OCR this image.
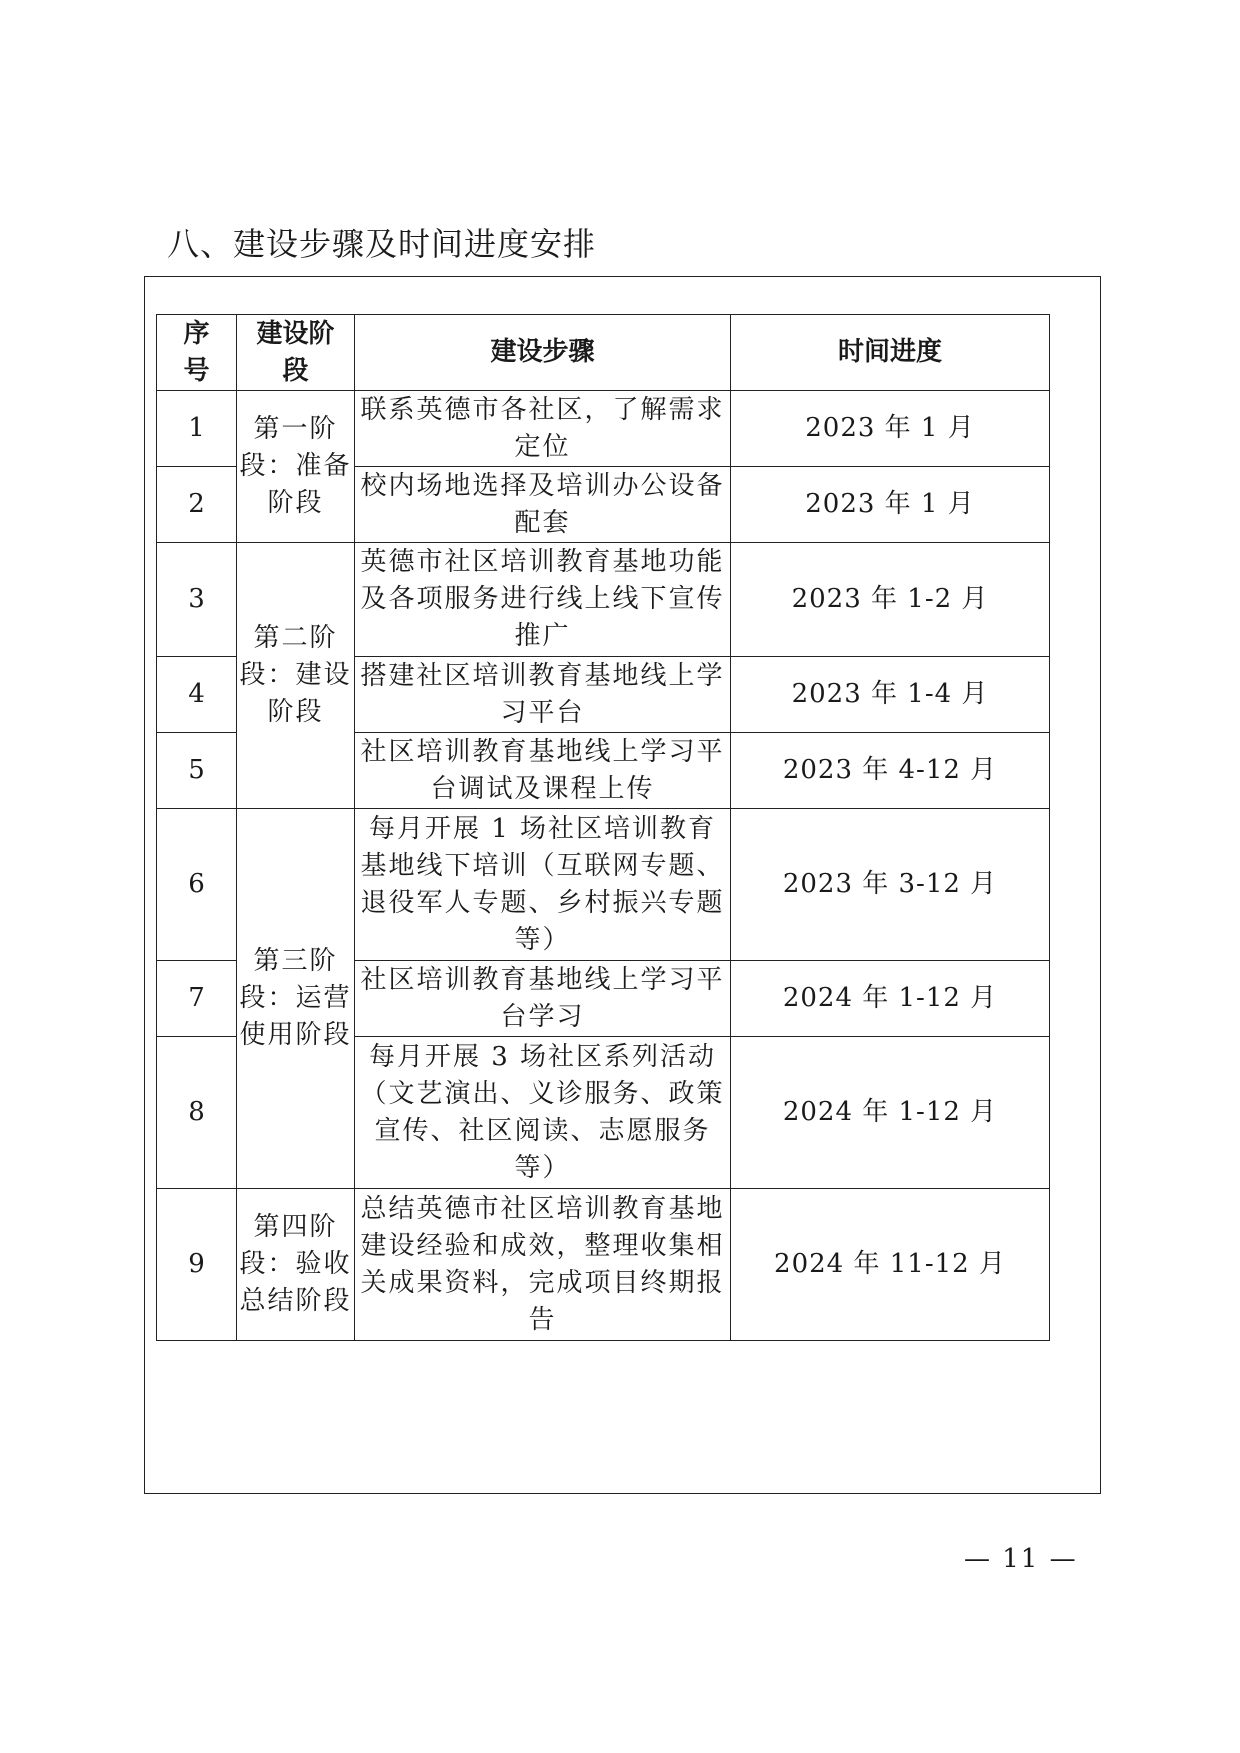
八、建设步骤及时间进度安排
序号	建设阶段	建设步骤	时间进度
1	第一阶段：准备阶段	联系英德市各社区，了解需求定位	2023 年 1 月
2		校内场地选择及培训办公设备配套	2023 年 1 月
3	第二阶段：建设阶段	英德市社区培训教育基地功能及各项服务进行线上线下宣传推广	2023 年 1-2 月
4		搭建社区培训教育基地线上学习平台	2023 年 1-4 月
5		社区培训教育基地线上学习平台调试及课程上传	2023 年 4-12 月
6	第三阶段：运营使用阶段	每月开展 1 场社区培训教育基地线下培训（互联网专题、退役军人专题、乡村振兴专题等）	2023 年 3-12 月
7		社区培训教育基地线上学习平台学习	2024 年 1-12 月
8		每月开展 3 场社区系列活动（文艺演出、义诊服务、政策宣传、社区阅读、志愿服务等）	2024 年 1-12 月
9	第四阶段：验收总结阶段	总结英德市社区培训教育基地建设经验和成效，整理收集相关成果资料，完成项目终期报告	2024 年 11-12 月
— 11 —
